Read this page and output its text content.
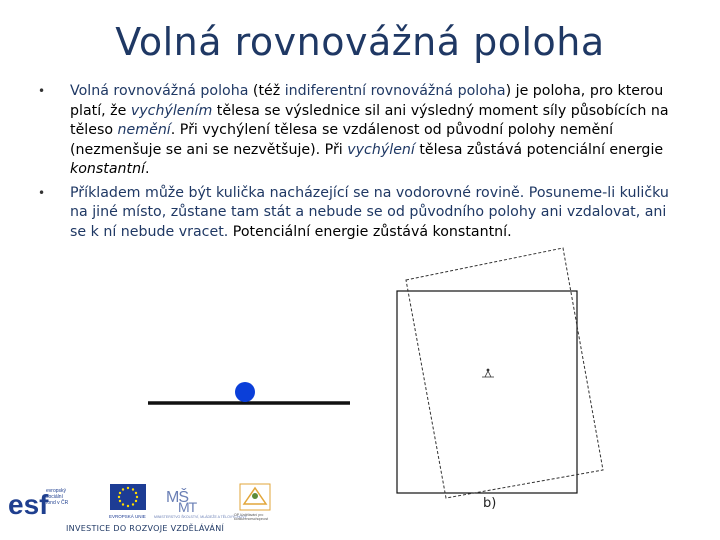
Volná rovnovážná poloha
• Volná rovnovážná poloha (též indiferentní rovnovážná poloha) je poloha, pro kterou platí, že vychýlením tělesa se výslednice sil ani výsledný moment síly působících na těleso nemění. Při vychýlení tělesa se vzdálenost od původní polohy nemění (nezmenšuje se ani se nezvětšuje). Při vychýlení tělesa zůstává potenciální energie konstantní.
• Příkladem může být kulička nacházející se na vodorovné rovině. Posuneme-li kuličku na jiné místo, zůstane tam stát a nebude se od původního polohy ani vzdalovat, ani se k ní nebude vracet. Potenciální energie zůstává konstantní.
b)
esf
evropský
sociální
fond v ČR
EVROPSKÁ UNIE
MŠ
MT
MINISTERSTVO ŠKOLSTVÍ, MLÁDEŽE A TĚLOVÝCHOVY
OP Vzdělávání pro
konkurenceschopnost
INVESTICE DO ROZVOJE VZDĚLÁVÁNÍ
